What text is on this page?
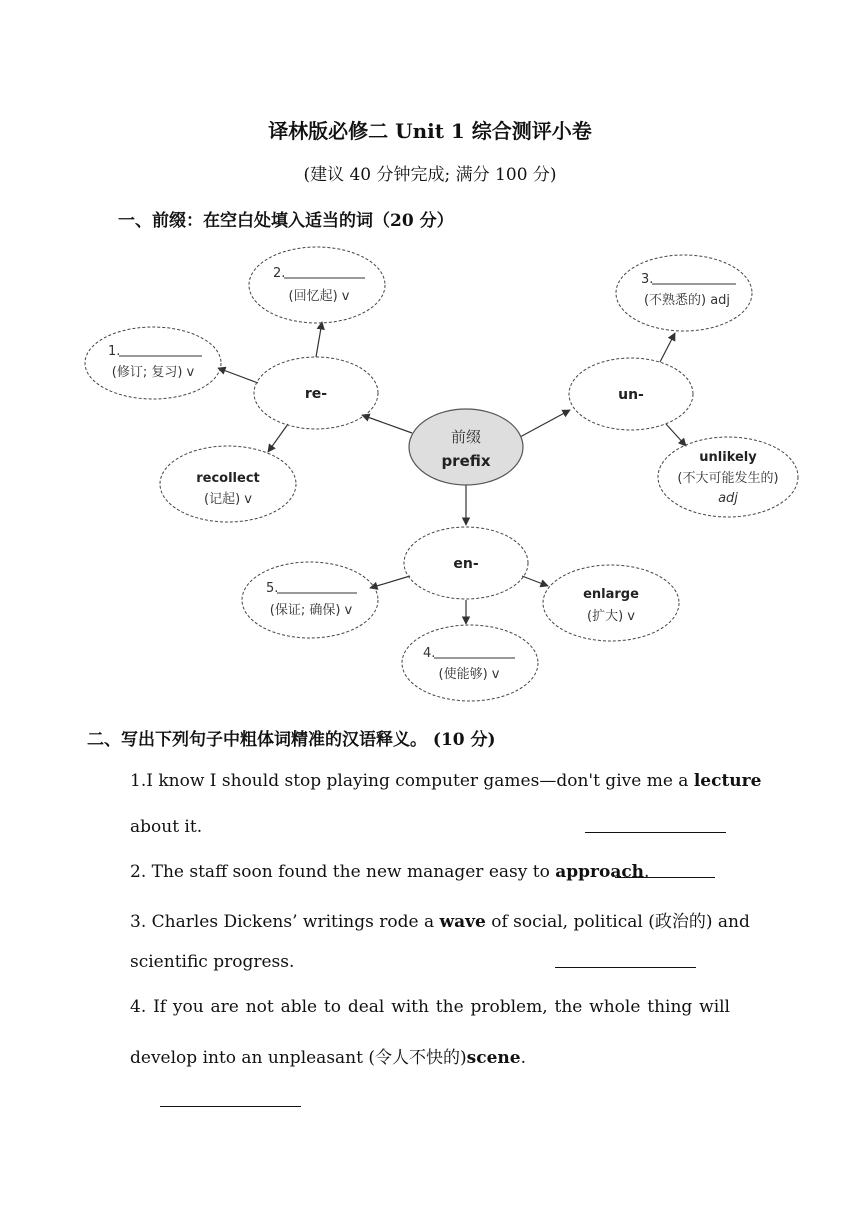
译林版必修二 Unit 1 综合测评小卷
(建议 40 分钟完成; 满分 100 分)
一、前缀：在空白处填入适当的词（20 分）
前缀
prefix
re-	un-
en-
1.
(修订; 复习) v
2.
(回忆起) v
3.
(不熟悉的) adj
4.
(使能够) v
5.
(保证; 确保) v
recollect
(记起) v
unlikely
(不大可能发生的)
adj
enlarge
(扩大) v
二、写出下列句子中粗体词精准的汉语释义。 (10 分)
1.I know I should stop playing computer games—don't give me a lecture
about it.
2. The staff soon found the new manager easy to approach.
3. Charles Dickens’ writings rode a wave of social, political (政治的) and
scientific progress.
4. If you are not able to deal with the problem, the whole thing will
develop into an unpleasant (令人不快的)scene.
